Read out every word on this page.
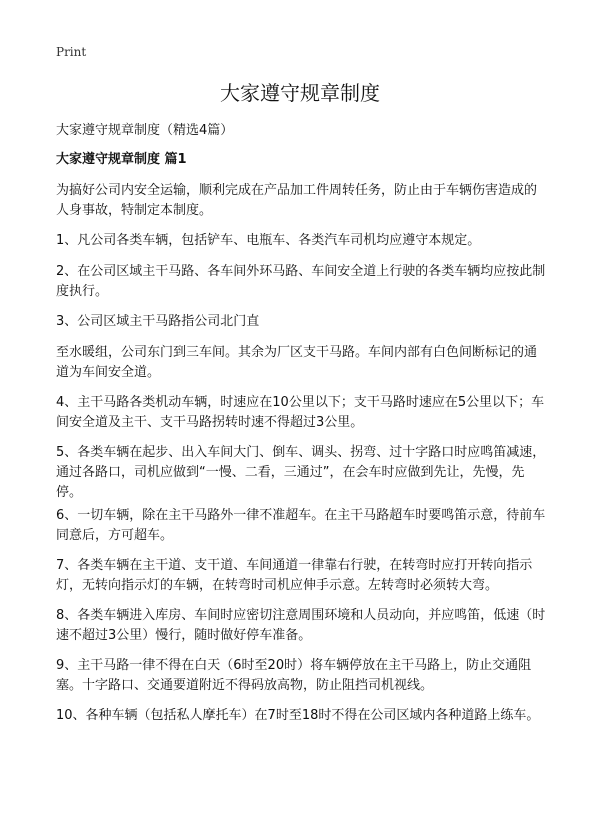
Print
大家遵守规章制度

大家遵守规章制度（精选4篇）

大家遵守规章制度 篇1

为搞好公司内安全运输，顺利完成在产品加工件周转任务，防止由于车辆伤害造成的人身事故，特制定本制度。

1、凡公司各类车辆，包括铲车、电瓶车、各类汽车司机均应遵守本规定。

2、在公司区域主干马路、各车间外环马路、车间安全道上行驶的各类车辆均应按此制度执行。

3、公司区域主干马路指公司北门直

至水暖组，公司东门到三车间。其余为厂区支干马路。车间内部有白色间断标记的通道为车间安全道。

4、主干马路各类机动车辆，时速应在10公里以下；支干马路时速应在5公里以下；车间安全道及主干、支干马路拐转时速不得超过3公里。

5、各类车辆在起步、出入车间大门、倒车、调头、拐弯、过十字路口时应鸣笛减速，通过各路口，司机应做到“一慢、二看，三通过”，在会车时应做到先让，先慢，先停。

6、一切车辆，除在主干马路外一律不准超车。在主干马路超车时要鸣笛示意，待前车同意后，方可超车。

7、各类车辆在主干道、支干道、车间通道一律靠右行驶，在转弯时应打开转向指示灯，无转向指示灯的车辆，在转弯时司机应伸手示意。左转弯时必须转大弯。

8、各类车辆进入库房、车间时应密切注意周围环境和人员动向，并应鸣笛，低速（时速不超过3公里）慢行，随时做好停车准备。

9、主干马路一律不得在白天（6时至20时）将车辆停放在主干马路上，防止交通阻塞。十字路口、交通要道附近不得码放高物，防止阻挡司机视线。

10、各种车辆（包括私人摩托车）在7时至18时不得在公司区域内各种道路上练车。
